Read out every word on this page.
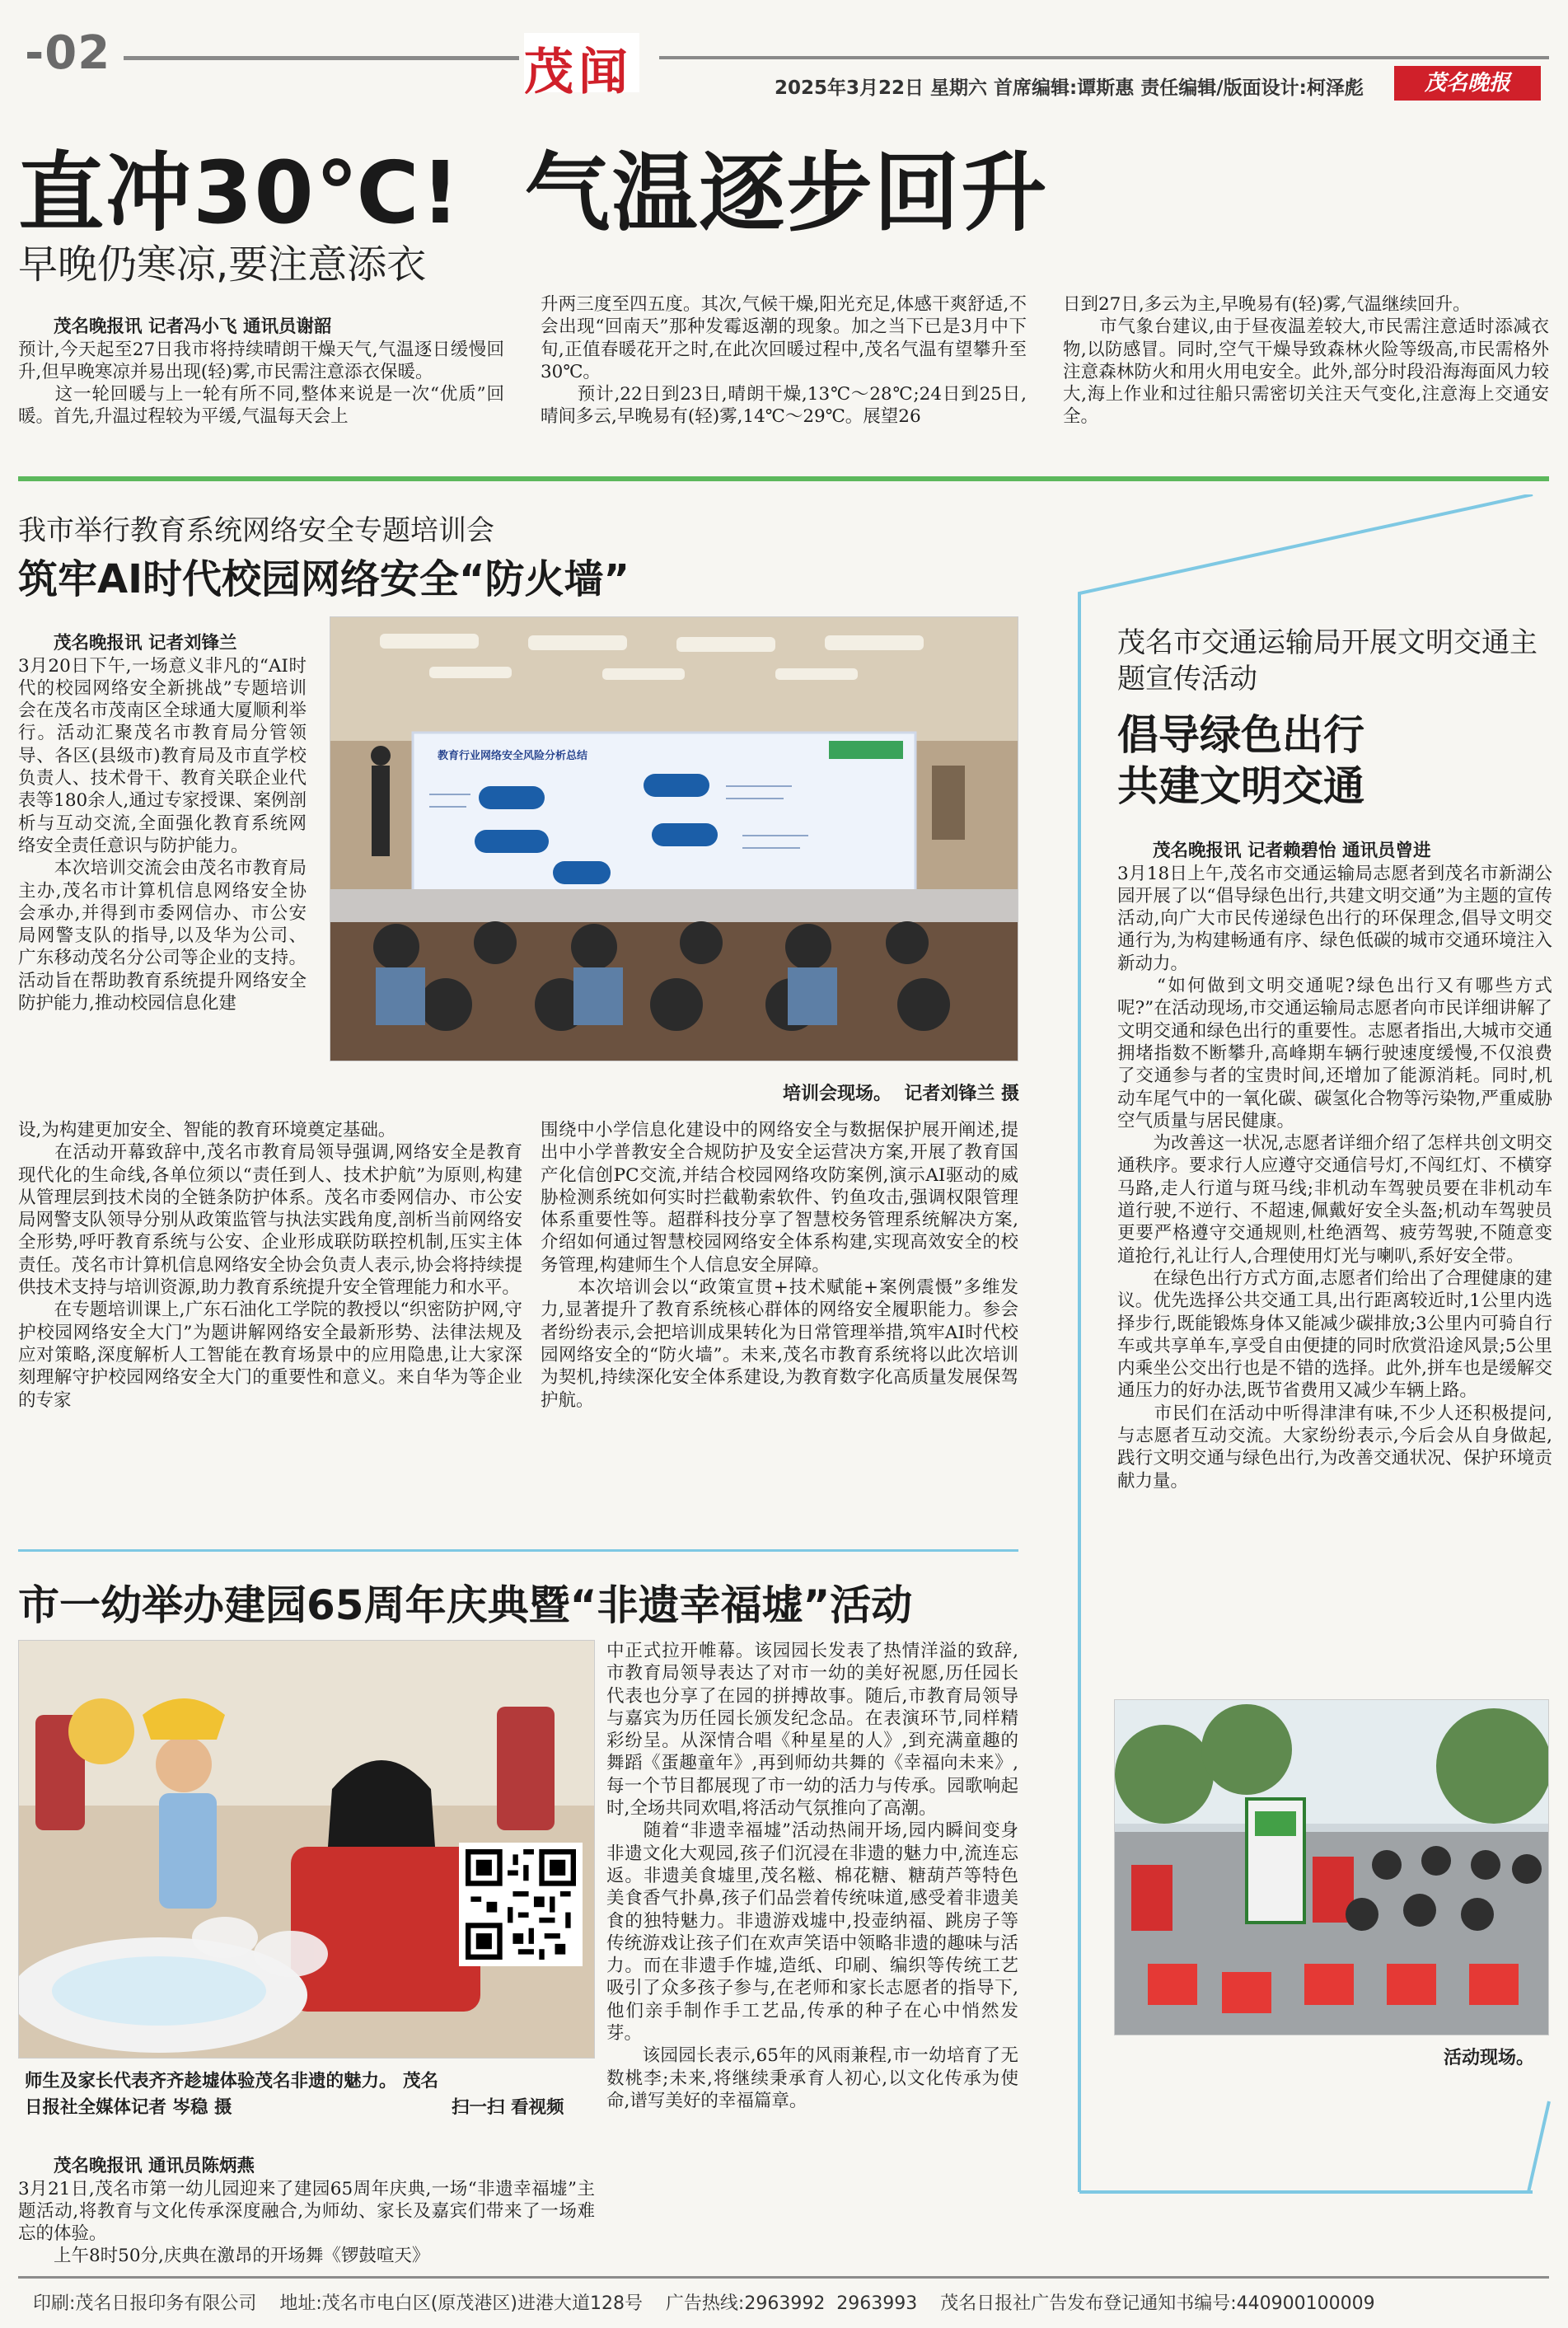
-02	茂闻	2025年3月22日 星期六 首席编辑:谭斯惠 责任编辑/版面设计:柯泽彪	茂名晚报
直冲30℃!  气温逐步回升
早晚仍寒凉,要注意添衣

茂名晚报讯 记者冯小飞 通讯员谢韶
预计,今天起至27日我市将持续晴朗干燥天气,气温逐日缓慢回升,但早晚寒凉并易出现(轻)雾,市民需注意添衣保暖。
　　这一轮回暖与上一轮有所不同,整体来说是一次“优质”回暖。首先,升温过程较为平缓,气温每天会上

升两三度至四五度。其次,气候干燥,阳光充足,体感干爽舒适,不会出现“回南天”那种发霉返潮的现象。加之当下已是3月中下旬,正值春暖花开之时,在此次回暖过程中,茂名气温有望攀升至30℃。
　　预计,22日到23日,晴朗干燥,13℃～28℃;24日到25日,晴间多云,早晚易有(轻)雾,14℃～29℃。展望26
日到27日,多云为主,早晚易有(轻)雾,气温继续回升。
　　市气象台建议,由于昼夜温差较大,市民需注意适时添减衣物,以防感冒。同时,空气干燥导致森林火险等级高,市民需格外注意森林防火和用火用电安全。此外,部分时段沿海海面风力较大,海上作业和过往船只需密切关注天气变化,注意海上交通安全。
我市举行教育系统网络安全专题培训会
筑牢AI时代校园网络安全“防火墙”

茂名晚报讯 记者刘锋兰
3月20日下午,一场意义非凡的“AI时代的校园网络安全新挑战”专题培训会在茂名市茂南区全球通大厦顺利举行。活动汇聚茂名市教育局分管领导、各区(县级市)教育局及市直学校负责人、技术骨干、教育关联企业代表等180余人,通过专家授课、案例剖析与互动交流,全面强化教育系统网络安全责任意识与防护能力。
　　本次培训交流会由茂名市教育局主办,茂名市计算机信息网络安全协会承办,并得到市委网信办、市公安局网警支队的指导,以及华为公司、广东移动茂名分公司等企业的支持。活动旨在帮助教育系统提升网络安全防护能力,推动校园信息化建

教育行业网络安全风险分析总结
培训会现场。  记者刘锋兰 摄
设,为构建更加安全、智能的教育环境奠定基础。
　　在活动开幕致辞中,茂名市教育局领导强调,网络安全是教育现代化的生命线,各单位须以“责任到人、技术护航”为原则,构建从管理层到技术岗的全链条防护体系。茂名市委网信办、市公安局网警支队领导分别从政策监管与执法实践角度,剖析当前网络安全形势,呼吁教育系统与公安、企业形成联防联控机制,压实主体责任。茂名市计算机信息网络安全协会负责人表示,协会将持续提供技术支持与培训资源,助力教育系统提升安全管理能力和水平。
　　在专题培训课上,广东石油化工学院的教授以“织密防护网,守护校园网络安全大门”为题讲解网络安全最新形势、法律法规及应对策略,深度解析人工智能在教育场景中的应用隐患,让大家深刻理解守护校园网络安全大门的重要性和意义。来自华为等企业的专家
围绕中小学信息化建设中的网络安全与数据保护展开阐述,提出中小学普教安全合规防护及安全运营决方案,开展了教育国产化信创PC交流,并结合校园网络攻防案例,演示AI驱动的威胁检测系统如何实时拦截勒索软件、钓鱼攻击,强调权限管理体系重要性等。超群科技分享了智慧校务管理系统解决方案,介绍如何通过智慧校园网络安全体系构建,实现高效安全的校务管理,构建师生个人信息安全屏障。
　　本次培训会以“政策宣贯+技术赋能+案例震慑”多维发力,显著提升了教育系统核心群体的网络安全履职能力。参会者纷纷表示,会把培训成果转化为日常管理举措,筑牢AI时代校园网络安全的“防火墙”。未来,茂名市教育系统将以此次培训为契机,持续深化安全体系建设,为教育数字化高质量发展保驾护航。
市一幼举办建园65周年庆典暨“非遗幸福墟”活动
师生及家长代表齐齐趁墟体验茂名非遗的魅力。 茂名日报社全媒体记者 岑稳 摄	扫一扫 看视频

茂名晚报讯 通讯员陈炳燕
3月21日,茂名市第一幼儿园迎来了建园65周年庆典,一场“非遗幸福墟”主题活动,将教育与文化传承深度融合,为师幼、家长及嘉宾们带来了一场难忘的体验。
　　上午8时50分,庆典在激昂的开场舞《锣鼓喧天》

中正式拉开帷幕。该园园长发表了热情洋溢的致辞,市教育局领导表达了对市一幼的美好祝愿,历任园长代表也分享了在园的拼搏故事。随后,市教育局领导与嘉宾为历任园长颁发纪念品。在表演环节,同样精彩纷呈。从深情合唱《种星星的人》,到充满童趣的舞蹈《蛋趣童年》,再到师幼共舞的《幸福向未来》,每一个节目都展现了市一幼的活力与传承。园歌响起时,全场共同欢唱,将活动气氛推向了高潮。
　　随着“非遗幸福墟”活动热闹开场,园内瞬间变身非遗文化大观园,孩子们沉浸在非遗的魅力中,流连忘返。非遗美食墟里,茂名糍、棉花糖、糖葫芦等特色美食香气扑鼻,孩子们品尝着传统味道,感受着非遗美食的独特魅力。非遗游戏墟中,投壶纳福、跳房子等传统游戏让孩子们在欢声笑语中领略非遗的趣味与活力。而在非遗手作墟,造纸、印刷、编织等传统工艺吸引了众多孩子参与,在老师和家长志愿者的指导下,他们亲手制作手工艺品,传承的种子在心中悄然发芽。
　　该园园长表示,65年的风雨兼程,市一幼培育了无数桃李;未来,将继续秉承育人初心,以文化传承为使命,谱写美好的幸福篇章。
茂名市交通运输局开展文明交通主题宣传活动
倡导绿色出行
共建文明交通

茂名晚报讯 记者赖碧怡 通讯员曾进
3月18日上午,茂名市交通运输局志愿者到茂名市新湖公园开展了以“倡导绿色出行,共建文明交通”为主题的宣传活动,向广大市民传递绿色出行的环保理念,倡导文明交通行为,为构建畅通有序、绿色低碳的城市交通环境注入新动力。
　　“如何做到文明交通呢?绿色出行又有哪些方式呢?”在活动现场,市交通运输局志愿者向市民详细讲解了文明交通和绿色出行的重要性。志愿者指出,大城市交通拥堵指数不断攀升,高峰期车辆行驶速度缓慢,不仅浪费了交通参与者的宝贵时间,还增加了能源消耗。同时,机动车尾气中的一氧化碳、碳氢化合物等污染物,严重威胁空气质量与居民健康。
　　为改善这一状况,志愿者详细介绍了怎样共创文明交通秩序。要求行人应遵守交通信号灯,不闯红灯、不横穿马路,走人行道与斑马线;非机动车驾驶员要在非机动车道行驶,不逆行、不超速,佩戴好安全头盔;机动车驾驶员更要严格遵守交通规则,杜绝酒驾、疲劳驾驶,不随意变道抢行,礼让行人,合理使用灯光与喇叭,系好安全带。
　　在绿色出行方式方面,志愿者们给出了合理健康的建议。优先选择公共交通工具,出行距离较近时,1公里内选择步行,既能锻炼身体又能减少碳排放;3公里内可骑自行车或共享单车,享受自由便捷的同时欣赏沿途风景;5公里内乘坐公交出行也是不错的选择。此外,拼车也是缓解交通压力的好办法,既节省费用又减少车辆上路。
　　市民们在活动中听得津津有味,不少人还积极提问,与志愿者互动交流。大家纷纷表示,今后会从自身做起,践行文明交通与绿色出行,为改善交通状况、保护环境贡献力量。

活动现场。
印刷:茂名日报印务有限公司    地址:茂名市电白区(原茂港区)进港大道128号    广告热线:2963992  2963993    茂名日报社广告发布登记通知书编号:440900100009
